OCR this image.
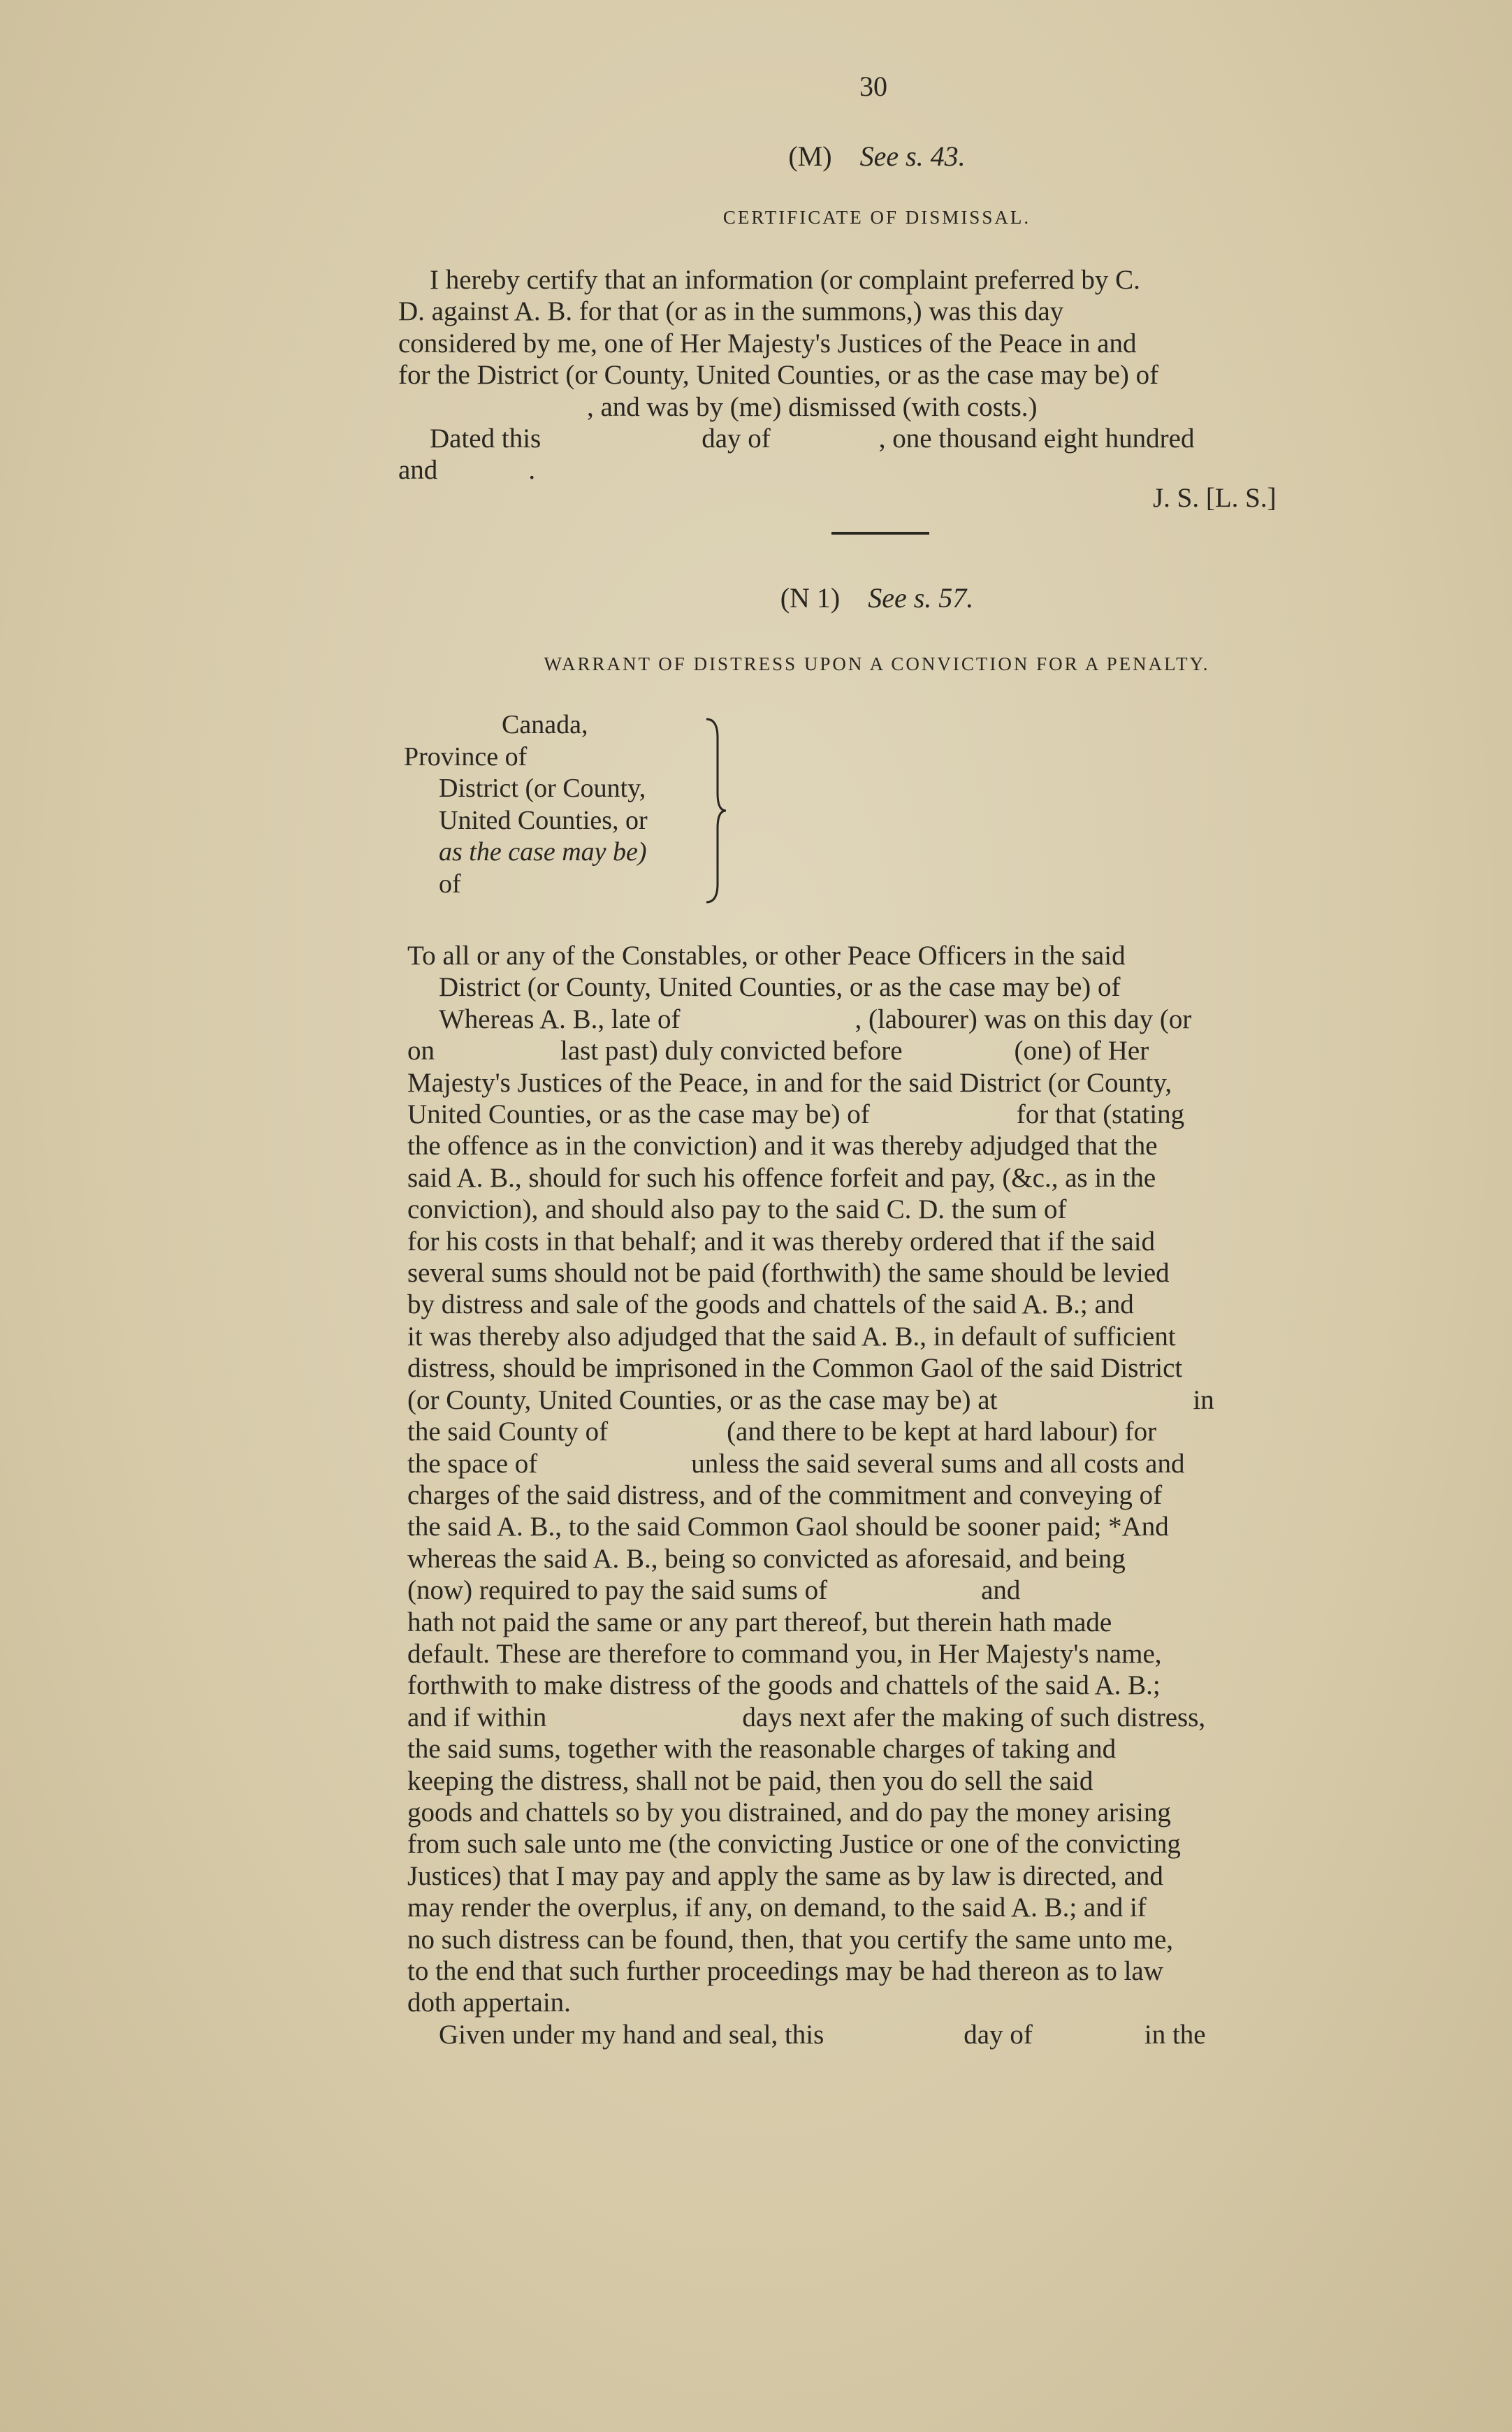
30
(M) See s. 43.
CERTIFICATE OF DISMISSAL.

I hereby certify that an information (or complaint preferred by C.

D. against A. B. for that (or as in the summons,) was this day

considered by me, one of Her Majesty's Justices of the Peace in and

for the District (or County, United Counties, or as the case may be) of

, and was by (me) dismissed (with costs.)

Dated this	day of	, one thousand eight hundred

and	.

J. S. [L. S.]
(N 1) See s. 57.
WARRANT OF DISTRESS UPON A CONVICTION FOR A PENALTY.
Canada,
Province of
District (or County,
United Counties, or
as the case may be)
of

To all or any of the Constables, or other Peace Officers in the said

District (or County, United Counties, or as the case may be) of

Whereas A. B., late of	, (labourer) was on this day (or

on	last past) duly convicted before	(one) of Her

Majesty's Justices of the Peace, in and for the said District (or County,

United Counties, or as the case may be) of	for that (stating

the offence as in the conviction) and it was thereby adjudged that the

said A. B., should for such his offence forfeit and pay, (&c., as in the

conviction), and should also pay to the said C. D. the sum of

for his costs in that behalf; and it was thereby ordered that if the said

several sums should not be paid (forthwith) the same should be levied

by distress and sale of the goods and chattels of the said A. B.; and

it was thereby also adjudged that the said A. B., in default of sufficient

distress, should be imprisoned in the Common Gaol of the said District

(or County, United Counties, or as the case may be) at	in

the said County of	(and there to be kept at hard labour) for

the space of	unless the said several sums and all costs and

charges of the said distress, and of the commitment and conveying of

the said A. B., to the said Common Gaol should be sooner paid; *And

whereas the said A. B., being so convicted as aforesaid, and being

(now) required to pay the said sums of	and

hath not paid the same or any part thereof, but therein hath made

default. These are therefore to command you, in Her Majesty's name,

forthwith to make distress of the goods and chattels of the said A. B.;

and if within	days next afer the making of such distress,

the said sums, together with the reasonable charges of taking and

keeping the distress, shall not be paid, then you do sell the said

goods and chattels so by you distrained, and do pay the money arising

from such sale unto me (the convicting Justice or one of the convicting

Justices) that I may pay and apply the same as by law is directed, and

may render the overplus, if any, on demand, to the said A. B.; and if

no such distress can be found, then, that you certify the same unto me,

to the end that such further proceedings may be had thereon as to law

doth appertain.

Given under my hand and seal, this	day of	in the
